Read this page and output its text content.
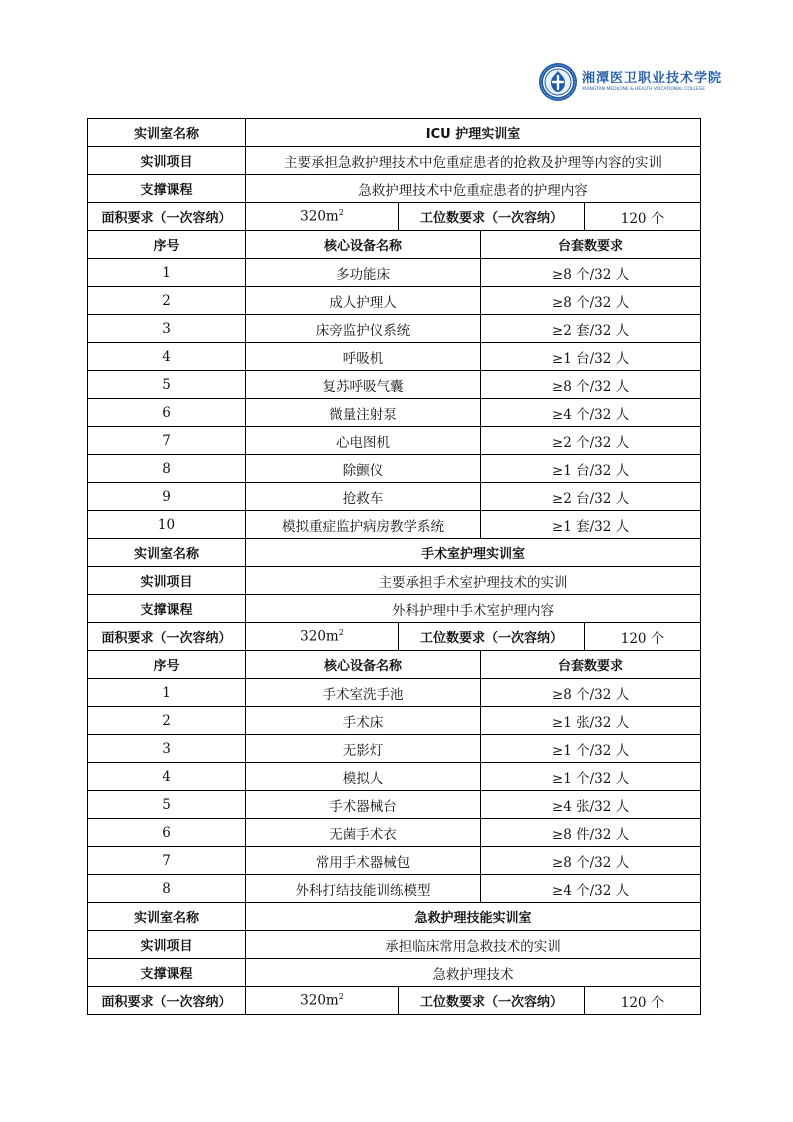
湘潭医卫职业技术学院
XIANGTAN MEDICINE & HEALTH VOCATIONAL COLLEGE
实训室名称	ICU 护理实训室			
实训项目	主要承担急救护理技术中危重症患者的抢救及护理等内容的实训			
支撑课程	急救护理技术中危重症患者的护理内容			
面积要求（一次容纳）	$320m^2$	工位数要求（一次容纳）		120 个
序号	核心设备名称		台套数要求	
1	多功能床		≥8 个/32 人	
2	成人护理人		≥8 个/32 人	
3	床旁监护仪系统		≥2 套/32 人	
4	呼吸机		≥1 台/32 人	
5	复苏呼吸气囊		≥8 个/32 人	
6	微量注射泵		≥4 个/32 人	
7	心电图机		≥2 个/32 人	
8	除颤仪		≥1 台/32 人	
9	抢救车		≥2 台/32 人	
10	模拟重症监护病房教学系统		≥1 套/32 人	
实训室名称	手术室护理实训室			
实训项目	主要承担手术室护理技术的实训			
支撑课程	外科护理中手术室护理内容			
面积要求（一次容纳）	$320m^2$	工位数要求（一次容纳）		120 个
序号	核心设备名称		台套数要求	
1	手术室洗手池		≥8 个/32 人	
2	手术床		≥1 张/32 人	
3	无影灯		≥1 个/32 人	
4	模拟人		≥1 个/32 人	
5	手术器械台		≥4 张/32 人	
6	无菌手术衣		≥8 件/32 人	
7	常用手术器械包		≥8 个/32 人	
8	外科打结技能训练模型		≥4 个/32 人	
实训室名称	急救护理技能实训室			
实训项目	承担临床常用急救技术的实训			
支撑课程	急救护理技术			
面积要求（一次容纳）	$320m^2$	工位数要求（一次容纳）		120 个
